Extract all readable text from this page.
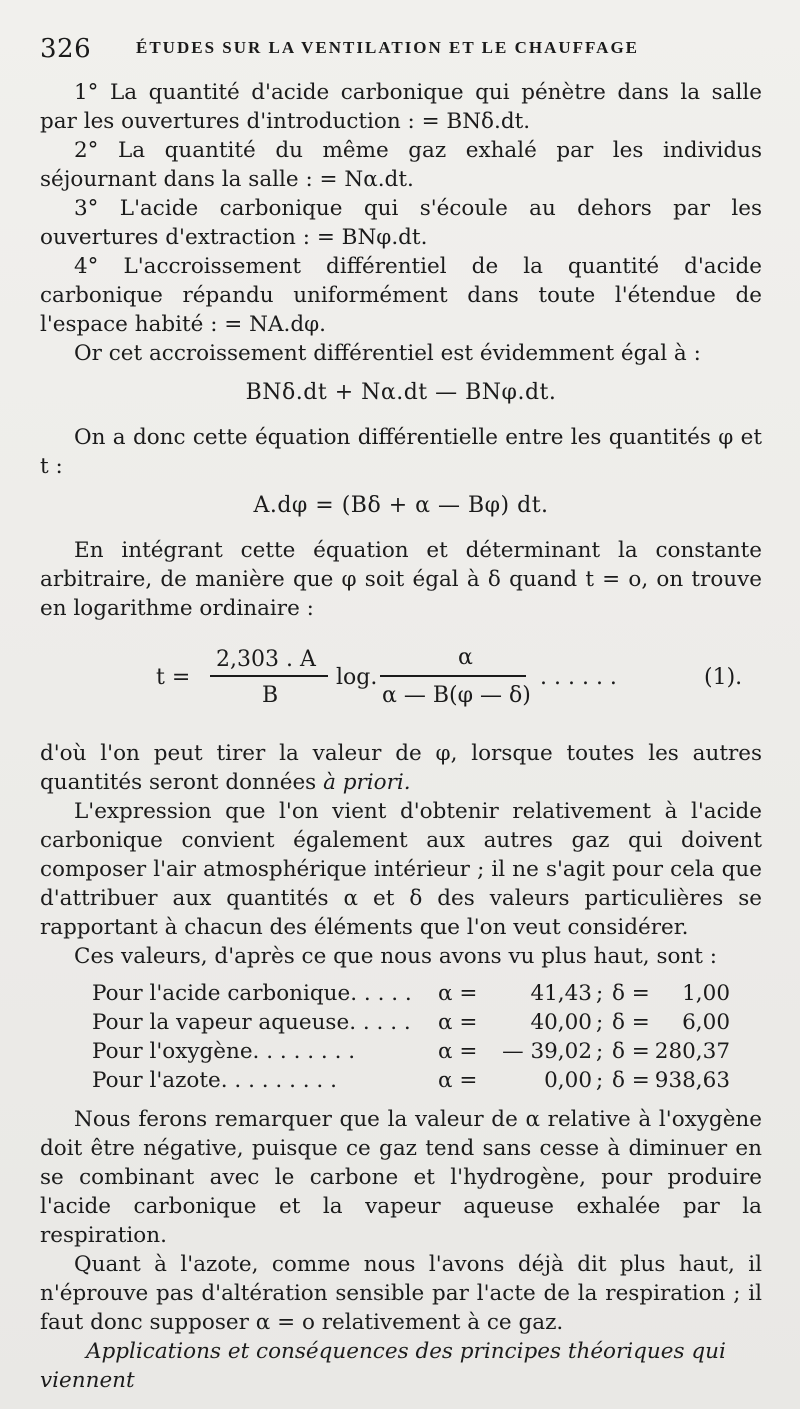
326	ÉTUDES SUR LA VENTILATION ET LE CHAUFFAGE

1° La quantité d'acide carbonique qui pénètre dans la salle par les ouvertures d'introduction : = BNδ.dt.

2° La quantité du même gaz exhalé par les individus séjournant dans la salle : = Nα.dt.

3° L'acide carbonique qui s'écoule au dehors par les ouvertures d'extraction : = BNφ.dt.

4° L'accroissement différentiel de la quantité d'acide carbonique répandu uniformément dans toute l'étendue de l'espace habité : = NA.dφ.

Or cet accroissement différentiel est évidemment égal à :

BNδ.dt + Nα.dt — BNφ.dt.

On a donc cette équation différentielle entre les quantités φ et t :

A.dφ = (Bδ + α — Bφ) dt.

En intégrant cette équation et déterminant la constante arbitraire, de manière que φ soit égal à δ quand t = o, on trouve en logarithme ordinaire :

t =
2,303 . A
B
log.
α
α — B(φ — δ)
. . . . . .	(1).

d'où l'on peut tirer la valeur de φ, lorsque toutes les autres quantités seront données à priori.

L'expression que l'on vient d'obtenir relativement à l'acide carbonique convient également aux autres gaz qui doivent composer l'air atmosphérique intérieur ; il ne s'agit pour cela que d'attribuer aux quantités α et δ des valeurs particulières se rapportant à chacun des éléments que l'on veut considérer.

Ces valeurs, d'après ce que nous avons vu plus haut, sont :

Pour l'acide carbonique. . . . . α =	41,43 ; δ =	1,00
Pour la vapeur aqueuse. . . . . α =	40,00 ; δ =	6,00
Pour l'oxygène. . . . . . . .	α =	— 39,02 ; δ = 280,37
Pour l'azote. . . . . . . . .	α =	0,00 ; δ = 938,63

Nous ferons remarquer que la valeur de α relative à l'oxygène doit être négative, puisque ce gaz tend sans cesse à diminuer en se combinant avec le carbone et l'hydrogène, pour produire l'acide carbonique et la vapeur aqueuse exhalée par la respiration.

Quant à l'azote, comme nous l'avons déjà dit plus haut, il n'éprouve pas d'altération sensible par l'acte de la respiration ; il faut donc supposer α = o relativement à ce gaz.

Applications et conséquences des principes théoriques qui viennent
